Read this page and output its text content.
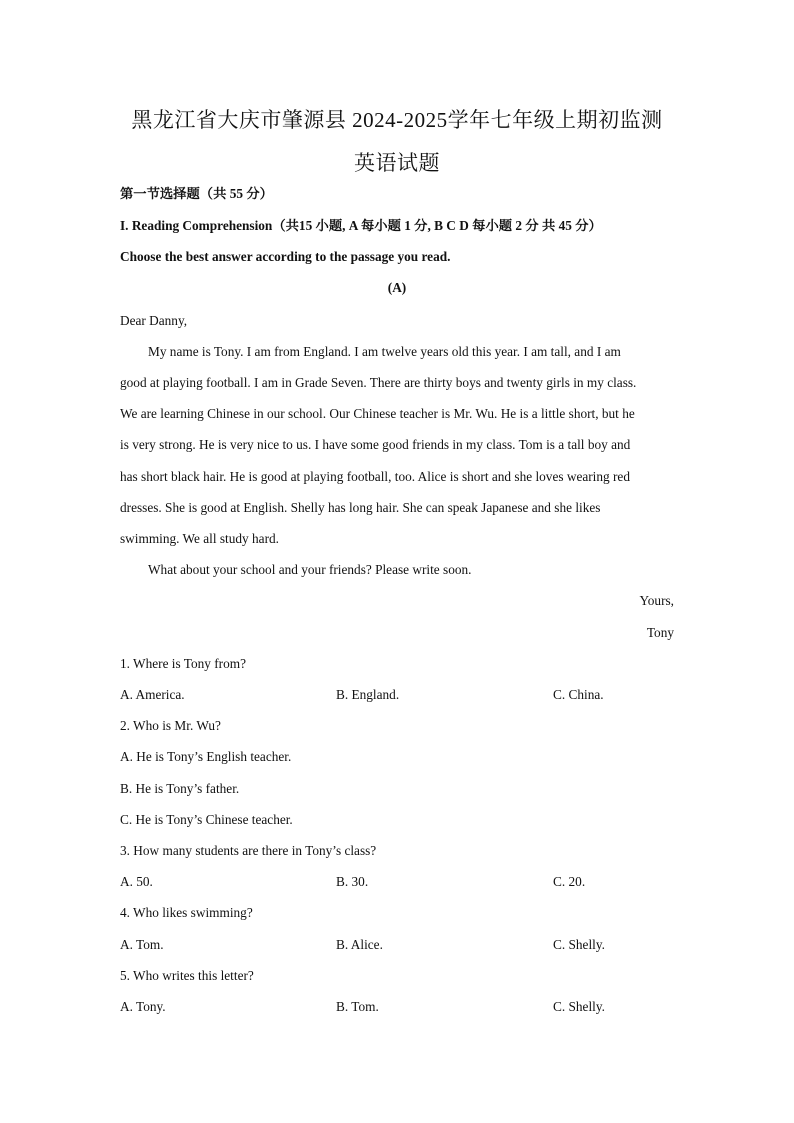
黑龙江省大庆市肇源县 2024-2025学年七年级上期初监测
英语试题
第一节选择题（共 55 分）
I. Reading Comprehension（共15 小题, A 每小题 1 分, B C D 每小题 2 分 共 45 分）
Choose the best answer according to the passage you read.
(A)
Dear Danny,
My name is Tony. I am from England. I am twelve years old this year. I am tall, and I am
good at playing football. I am in Grade Seven. There are thirty boys and twenty girls in my class.
We are learning Chinese in our school. Our Chinese teacher is Mr. Wu. He is a little short, but he
is very strong. He is very nice to us. I have some good friends in my class. Tom is a tall boy and
has short black hair. He is good at playing football, too. Alice is short and she loves wearing red
dresses. She is good at English. Shelly has long hair. She can speak Japanese and she likes
swimming. We all study hard.
What about your school and your friends? Please write soon.
Yours,
Tony
1. Where is Tony from?
A. America.	B. England.	C. China.
2. Who is Mr. Wu?
A. He is Tony’s English teacher.
B. He is Tony’s father.
C. He is Tony’s Chinese teacher.
3. How many students are there in Tony’s class?
A. 50.	B. 30.	C. 20.
4. Who likes swimming?
A. Tom.	B. Alice.	C. Shelly.
5. Who writes this letter?
A. Tony.	B. Tom.	C. Shelly.
